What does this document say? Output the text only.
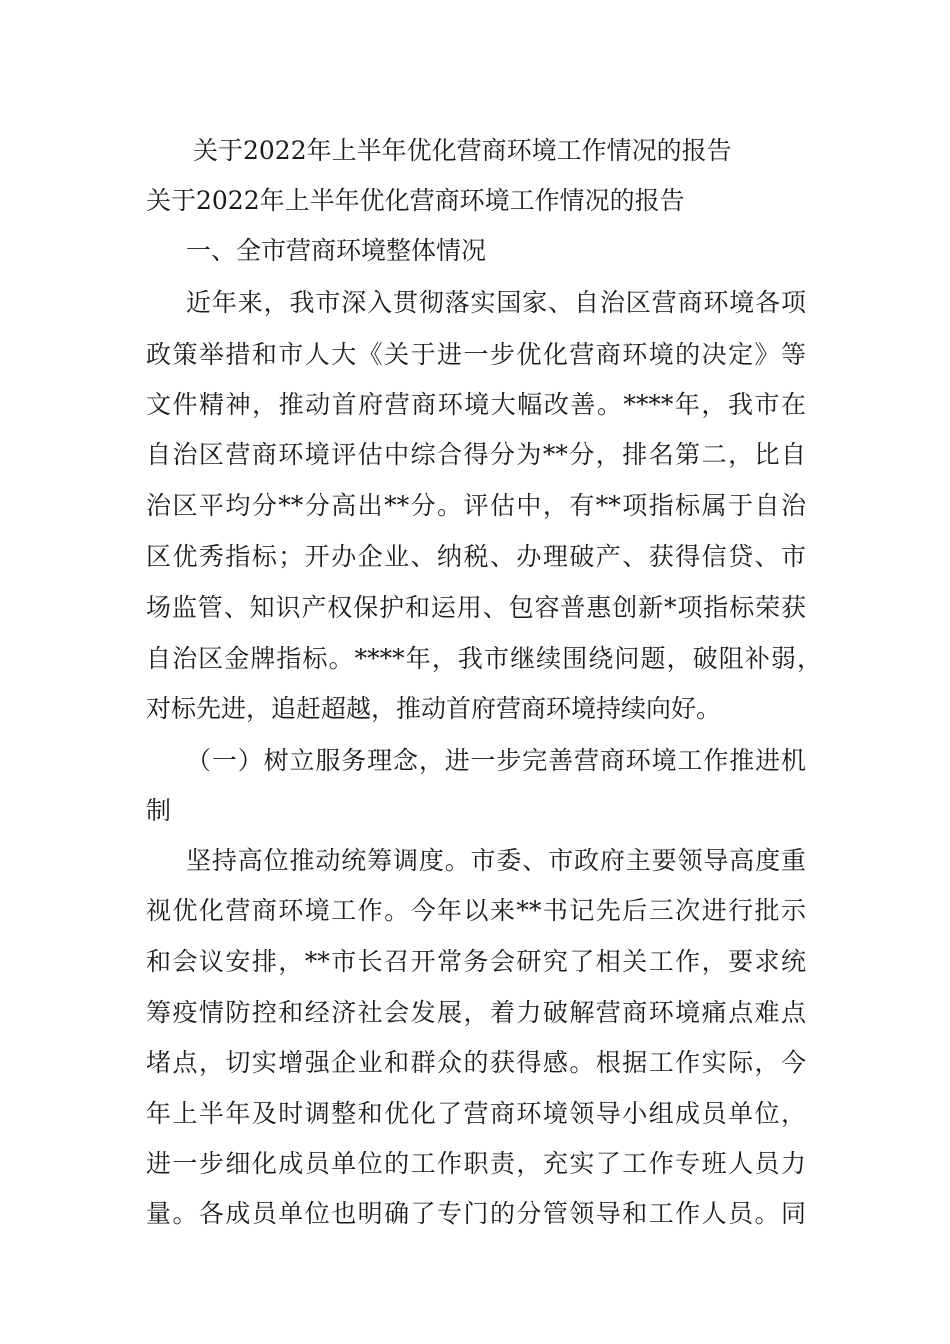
关于2022年上半年优化营商环境工作情况的报告
关于2022年上半年优化营商环境工作情况的报告
一、全市营商环境整体情况
近年来，我市深入贯彻落实国家、自治区营商环境各项
政策举措和市人大《关于进一步优化营商环境的决定》等
文件精神，推动首府营商环境大幅改善。****年，我市在
自治区营商环境评估中综合得分为**分，排名第二，比自
治区平均分**分高出**分。评估中，有**项指标属于自治
区优秀指标；开办企业、纳税、办理破产、获得信贷、市
场监管、知识产权保护和运用、包容普惠创新*项指标荣获
自治区金牌指标。****年，我市继续围绕问题，破阻补弱，
对标先进，追赶超越，推动首府营商环境持续向好。
（一）树立服务理念，进一步完善营商环境工作推进机
制
坚持高位推动统筹调度。市委、市政府主要领导高度重
视优化营商环境工作。今年以来**书记先后三次进行批示
和会议安排，**市长召开常务会研究了相关工作，要求统
筹疫情防控和经济社会发展，着力破解营商环境痛点难点
堵点，切实增强企业和群众的获得感。根据工作实际，今
年上半年及时调整和优化了营商环境领导小组成员单位，
进一步细化成员单位的工作职责，充实了工作专班人员力
量。各成员单位也明确了专门的分管领导和工作人员。同
